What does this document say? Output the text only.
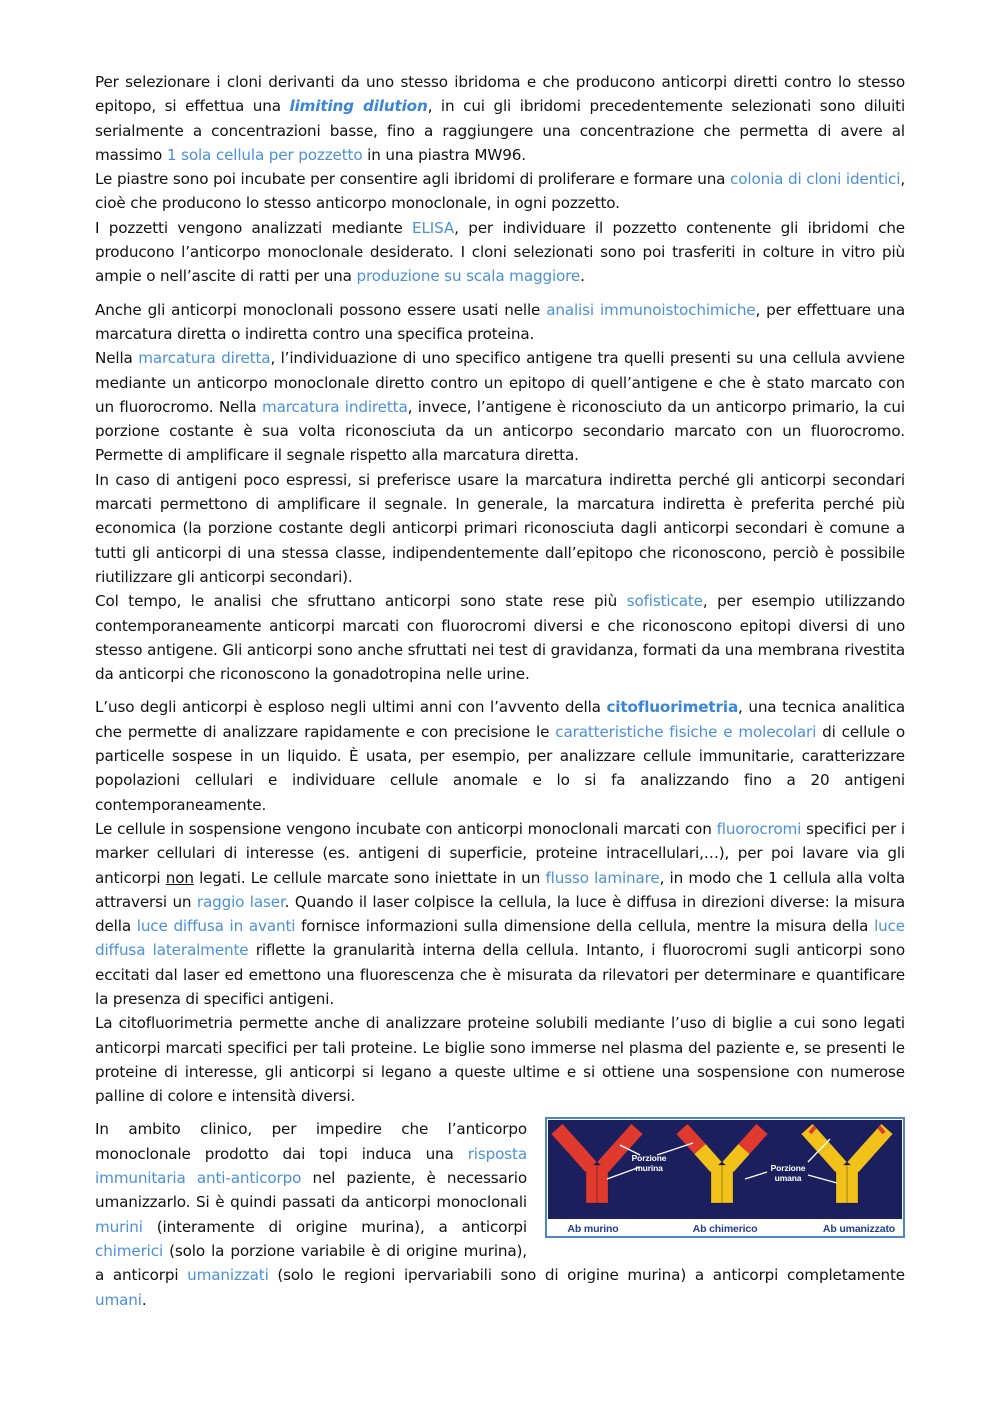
Per selezionare i cloni derivanti da uno stesso ibridoma e che producono anticorpi diretti contro lo stesso epitopo, si effettua una limiting dilution, in cui gli ibridomi precedentemente selezionati sono diluiti serialmente a concentrazioni basse, fino a raggiungere una concentrazione che permetta di avere al massimo 1 sola cellula per pozzetto in una piastra MW96.

Le piastre sono poi incubate per consentire agli ibridomi di proliferare e formare una colonia di cloni identici, cioè che producono lo stesso anticorpo monoclonale, in ogni pozzetto.

I pozzetti vengono analizzati mediante ELISA, per individuare il pozzetto contenente gli ibridomi che producono l’anticorpo monoclonale desiderato. I cloni selezionati sono poi trasferiti in colture in vitro più ampie o nell’ascite di ratti per una produzione su scala maggiore.

Anche gli anticorpi monoclonali possono essere usati nelle analisi immunoistochimiche, per effettuare una marcatura diretta o indiretta contro una specifica proteina.

Nella marcatura diretta, l’individuazione di uno specifico antigene tra quelli presenti su una cellula avviene mediante un anticorpo monoclonale diretto contro un epitopo di quell’antigene e che è stato marcato con un fluorocromo. Nella marcatura indiretta, invece, l’antigene è riconosciuto da un anticorpo primario, la cui porzione costante è sua volta riconosciuta da un anticorpo secondario marcato con un fluorocromo. Permette di amplificare il segnale rispetto alla marcatura diretta.

In caso di antigeni poco espressi, si preferisce usare la marcatura indiretta perché gli anticorpi secondari marcati permettono di amplificare il segnale. In generale, la marcatura indiretta è preferita perché più economica (la porzione costante degli anticorpi primari riconosciuta dagli anticorpi secondari è comune a tutti gli anticorpi di una stessa classe, indipendentemente dall’epitopo che riconoscono, perciò è possibile riutilizzare gli anticorpi secondari).

Col tempo, le analisi che sfruttano anticorpi sono state rese più sofisticate, per esempio utilizzando contemporaneamente anticorpi marcati con fluorocromi diversi e che riconoscono epitopi diversi di uno stesso antigene. Gli anticorpi sono anche sfruttati nei test di gravidanza, formati da una membrana rivestita da anticorpi che riconoscono la gonadotropina nelle urine.

L’uso degli anticorpi è esploso negli ultimi anni con l’avvento della citofluorimetria, una tecnica analitica che permette di analizzare rapidamente e con precisione le caratteristiche fisiche e molecolari di cellule o particelle sospese in un liquido. È usata, per esempio, per analizzare cellule immunitarie, caratterizzare popolazioni cellulari e individuare cellule anomale e lo si fa analizzando fino a 20 antigeni contemporaneamente.

Le cellule in sospensione vengono incubate con anticorpi monoclonali marcati con fluorocromi specifici per i marker cellulari di interesse (es. antigeni di superficie, proteine intracellulari,…), per poi lavare via gli anticorpi non legati. Le cellule marcate sono iniettate in un flusso laminare, in modo che 1 cellula alla volta attraversi un raggio laser. Quando il laser colpisce la cellula, la luce è diffusa in direzioni diverse: la misura della luce diffusa in avanti fornisce informazioni sulla dimensione della cellula, mentre la misura della luce diffusa lateralmente riflette la granularità interna della cellula. Intanto, i fluorocromi sugli anticorpi sono eccitati dal laser ed emettono una fluorescenza che è misurata da rilevatori per determinare e quantificare la presenza di specifici antigeni.

La citofluorimetria permette anche di analizzare proteine solubili mediante l’uso di biglie a cui sono legati anticorpi marcati specifici per tali proteine. Le biglie sono immerse nel plasma del paziente e, se presenti le proteine di interesse, gli anticorpi si legano a queste ultime e si ottiene una sospensione con numerose palline di colore e intensità diversi.

Porzione murina	Porzione umana
Ab murino	Ab chimerico	Ab umanizzato
In ambito clinico, per impedire che l’anticorpo monoclonale prodotto dai topi induca una risposta immunitaria anti-anticorpo nel paziente, è necessario umanizzarlo. Si è quindi passati da anticorpi monoclonali murini (interamente di origine murina), a anticorpi chimerici (solo la porzione variabile è di origine murina), a anticorpi umanizzati (solo le regioni ipervariabili sono di origine murina) a anticorpi completamente umani.
